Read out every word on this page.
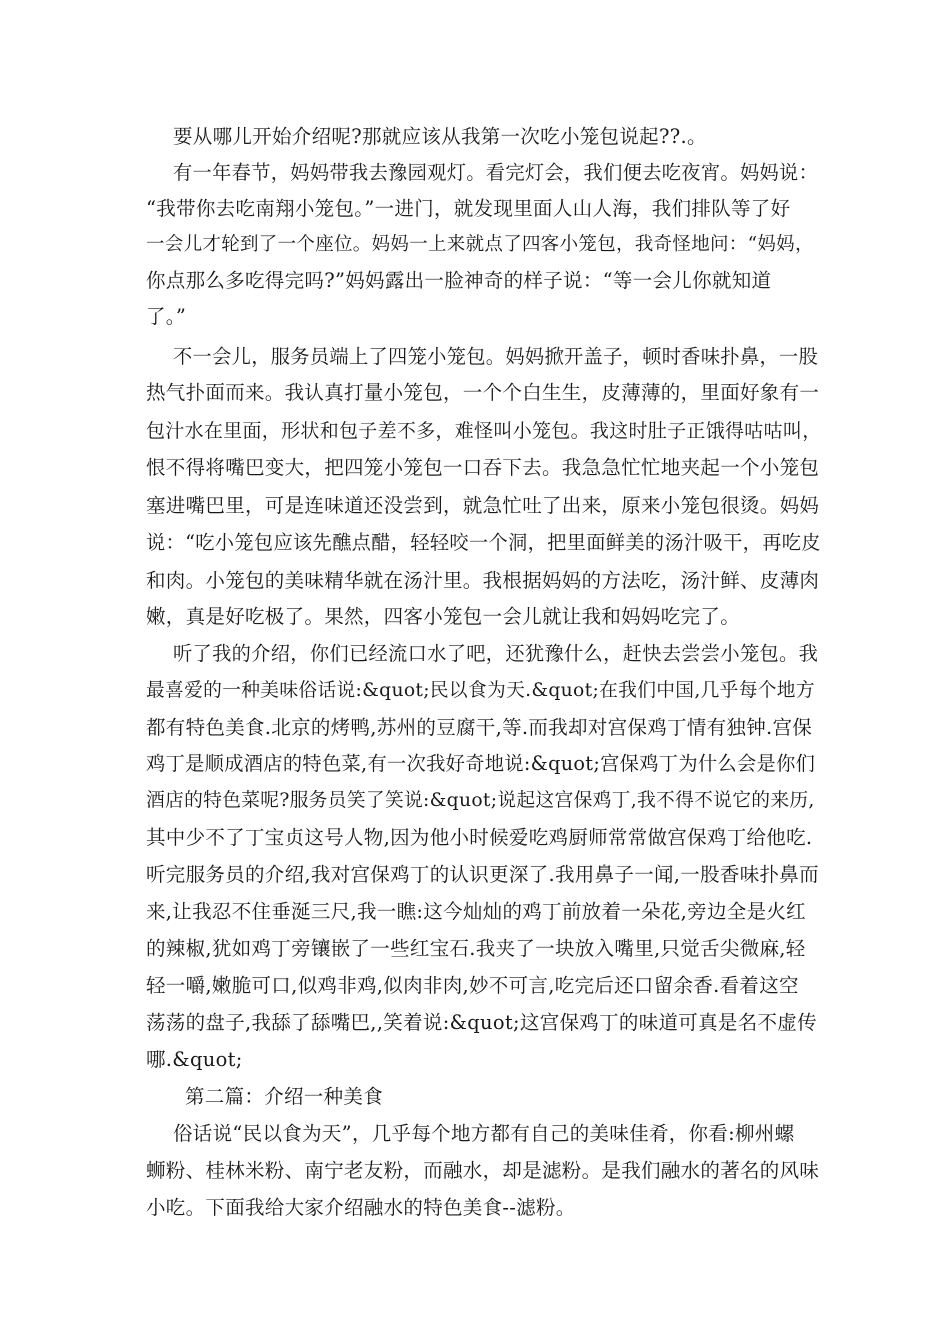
要从哪儿开始介绍呢?那就应该从我第一次吃小笼包说起??.。
有一年春节，妈妈带我去豫园观灯。看完灯会，我们便去吃夜宵。妈妈说：
“我带你去吃南翔小笼包。”一进门，就发现里面人山人海，我们排队等了好
一会儿才轮到了一个座位。妈妈一上来就点了四客小笼包，我奇怪地问：“妈妈，
你点那么多吃得完吗?”妈妈露出一脸神奇的样子说：“等一会儿你就知道
了。”
不一会儿，服务员端上了四笼小笼包。妈妈掀开盖子，顿时香味扑鼻，一股
热气扑面而来。我认真打量小笼包，一个个白生生，皮薄薄的，里面好象有一
包汁水在里面，形状和包子差不多，难怪叫小笼包。我这时肚子正饿得咕咕叫，
恨不得将嘴巴变大，把四笼小笼包一口吞下去。我急急忙忙地夹起一个小笼包
塞进嘴巴里，可是连味道还没尝到，就急忙吐了出来，原来小笼包很烫。妈妈
说：“吃小笼包应该先醮点醋，轻轻咬一个洞，把里面鲜美的汤汁吸干，再吃皮
和肉。小笼包的美味精华就在汤汁里。我根据妈妈的方法吃，汤汁鲜、皮薄肉
嫩，真是好吃极了。果然，四客小笼包一会儿就让我和妈妈吃完了。
听了我的介绍，你们已经流口水了吧，还犹豫什么，赶快去尝尝小笼包。我
最喜爱的一种美味俗话说:&quot;民以食为天.&quot;在我们中国,几乎每个地方
都有特色美食.北京的烤鸭,苏州的豆腐干,等.而我却对宫保鸡丁情有独钟.宫保
鸡丁是顺成酒店的特色菜,有一次我好奇地说:&quot;宫保鸡丁为什么会是你们
酒店的特色菜呢?服务员笑了笑说:&quot;说起这宫保鸡丁,我不得不说它的来历,
其中少不了丁宝贞这号人物,因为他小时候爱吃鸡厨师常常做宫保鸡丁给他吃.
听完服务员的介绍,我对宫保鸡丁的认识更深了.我用鼻子一闻,一股香味扑鼻而
来,让我忍不住垂涎三尺,我一瞧:这今灿灿的鸡丁前放着一朵花,旁边全是火红
的辣椒,犹如鸡丁旁镶嵌了一些红宝石.我夹了一块放入嘴里,只觉舌尖微麻,轻
轻一嚼,嫩脆可口,似鸡非鸡,似肉非肉,妙不可言,吃完后还口留余香.看着这空
荡荡的盘子,我舔了舔嘴巴,,笑着说:&quot;这宫保鸡丁的味道可真是名不虚传
哪.&quot;
第二篇：介绍一种美食
俗话说“民以食为天”，几乎每个地方都有自己的美味佳肴，你看:柳州螺
蛳粉、桂林米粉、南宁老友粉，而融水，却是滤粉。是我们融水的著名的风味
小吃。下面我给大家介绍融水的特色美食--滤粉。
